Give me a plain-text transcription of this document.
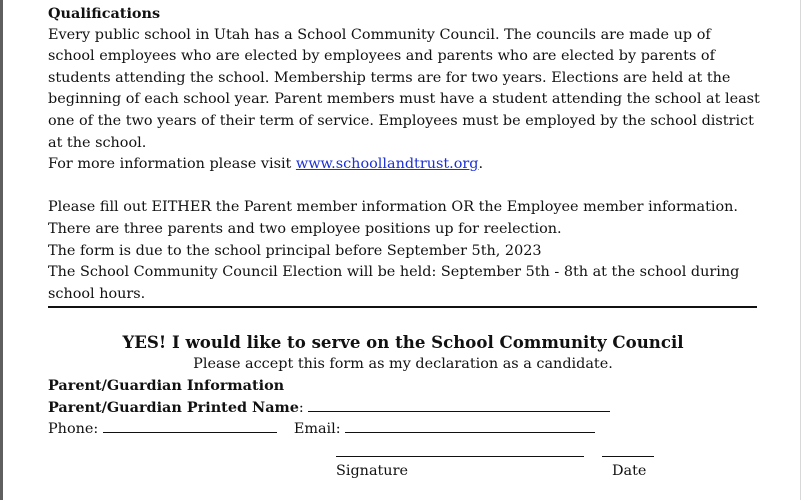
Qualifications

Every public school in Utah has a School Community Council. The councils are made up of school employees who are elected by employees and parents who are elected by parents of students attending the school. Membership terms are for two years. Elections are held at the beginning of each school year. Parent members must have a student attending the school at least one of the two years of their term of service. Employees must be employed by the school district at the school.

For more information please visit www.schoollandtrust.org.

Please fill out EITHER the Parent member information OR the Employee member information.

There are three parents and two employee positions up for reelection.

The form is due to the school principal before September 5th, 2023

The School Community Council Election will be held: September 5th - 8th at the school during school hours.

YES! I would like to serve on the School Community Council

Please accept this form as my declaration as a candidate.

Parent/Guardian Information

Parent/Guardian Printed Name:

Phone:	Email:

Signature	Date
